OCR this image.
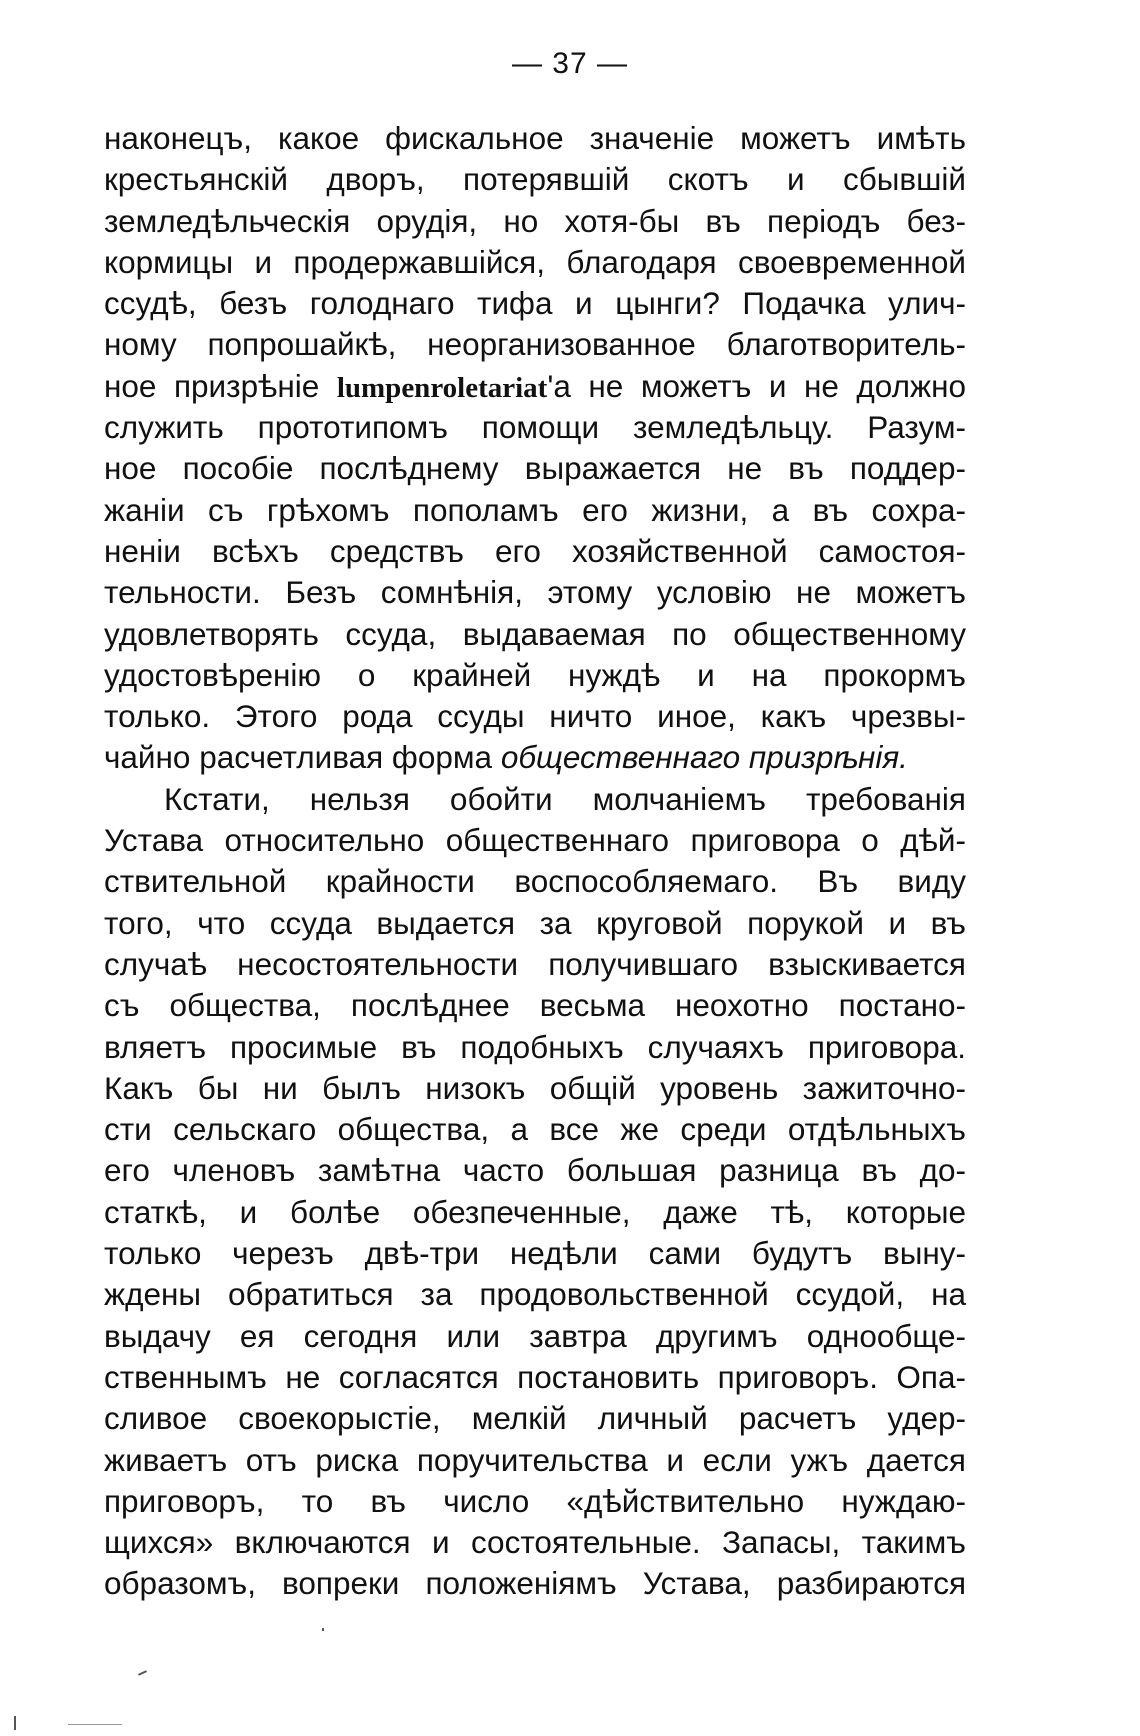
— 37 —
наконецъ, какое фискальное значеніе можетъ имѣть
крестьянскій дворъ, потерявшій скотъ и сбывшій
земледѣльческія орудія, но хотя-бы въ періодъ без-
кормицы и продержавшійся, благодаря своевременной
ссудѣ, безъ голоднаго тифа и цынги? Подачка улич-
ному попрошайкѣ, неорганизованное благотворитель-
ное призрѣніе lumpenroletariat'а не можетъ и не должно
служить прототипомъ помощи земледѣльцу. Разум-
ное пособіе послѣднему выражается не въ поддер-
жаніи съ грѣхомъ пополамъ его жизни, а въ сохра-
неніи всѣхъ средствъ его хозяйственной самостоя-
тельности. Безъ сомнѣнія, этому условію не можетъ
удовлетворять ссуда, выдаваемая по общественному
удостовѣренію о крайней нуждѣ и на прокормъ
только. Этого рода ссуды ничто иное, какъ чрезвы-
чайно расчетливая форма общественнаго призрѣнія.
Кстати, нельзя обойти молчаніемъ требованія
Устава относительно общественнаго приговора о дѣй-
ствительной крайности воспособляемаго. Въ виду
того, что ссуда выдается за круговой порукой и въ
случаѣ несостоятельности получившаго взыскивается
съ общества, послѣднее весьма неохотно постано-
вляетъ просимые въ подобныхъ случаяхъ приговора.
Какъ бы ни былъ низокъ общій уровень зажиточно-
сти сельскаго общества, а все же среди отдѣльныхъ
его членовъ замѣтна часто большая разница въ до-
статкѣ, и болѣе обезпеченные, даже тѣ, которые
только черезъ двѣ-три недѣли сами будутъ выну-
ждены обратиться за продовольственной ссудой, на
выдачу ея сегодня или завтра другимъ однообще-
ственнымъ не согласятся постановить приговоръ. Опа-
сливое своекорыстіе, мелкій личный расчетъ удер-
живаетъ отъ риска поручительства и если ужъ дается
приговоръ, то въ число «дѣйствительно нуждаю-
щихся» включаются и состоятельные. Запасы, такимъ
образомъ, вопреки положеніямъ Устава, разбираются
